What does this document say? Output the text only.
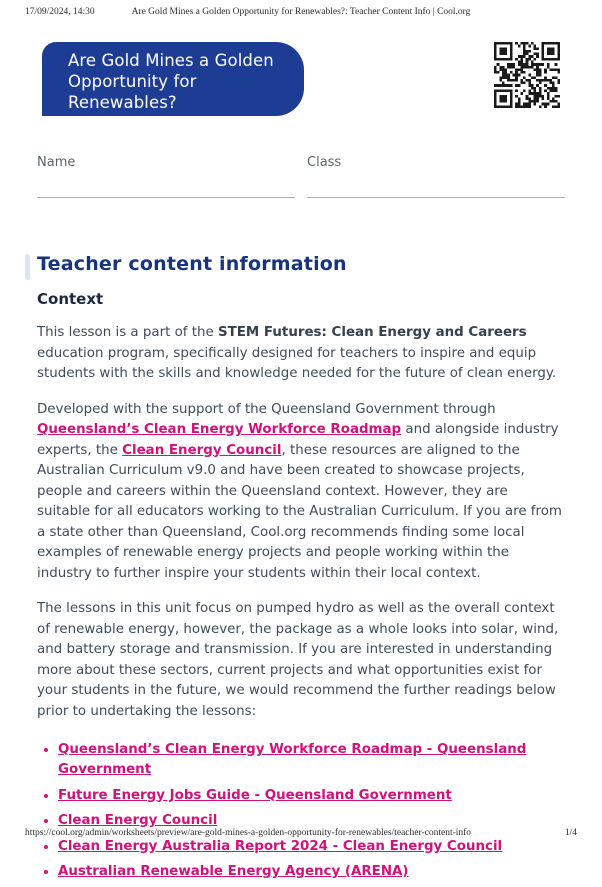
17/09/2024, 14:30	Are Gold Mines a Golden Opportunity for Renewables?: Teacher Content Info | Cool.org
Are Gold Mines a Golden Opportunity for Renewables?
Name	Class
Teacher content information
Context

This lesson is a part of the STEM Futures: Clean Energy and Careers education program, specifically designed for teachers to inspire and equip students with the skills and knowledge needed for the future of clean energy.

Developed with the support of the Queensland Government through Queensland’s Clean Energy Workforce Roadmap and alongside industry experts, the Clean Energy Council, these resources are aligned to the Australian Curriculum v9.0 and have been created to showcase projects, people and careers within the Queensland context. However, they are suitable for all educators working to the Australian Curriculum. If you are from a state other than Queensland, Cool.org recommends finding some local examples of renewable energy projects and people working within the industry to further inspire your students within their local context.

The lessons in this unit focus on pumped hydro as well as the overall context of renewable energy, however, the package as a whole looks into solar, wind, and battery storage and transmission. If you are interested in understanding more about these sectors, current projects and what opportunities exist for your students in the future, we would recommend the further readings below prior to undertaking the lessons:

• Queensland’s Clean Energy Workforce Roadmap - Queensland Government
• Future Energy Jobs Guide - Queensland Government
• Clean Energy Council
• Clean Energy Australia Report 2024 - Clean Energy Council
• Australian Renewable Energy Agency (ARENA)
https://cool.org/admin/worksheets/preview/are-gold-mines-a-golden-opportunity-for-renewables/teacher-content-info	1/4
